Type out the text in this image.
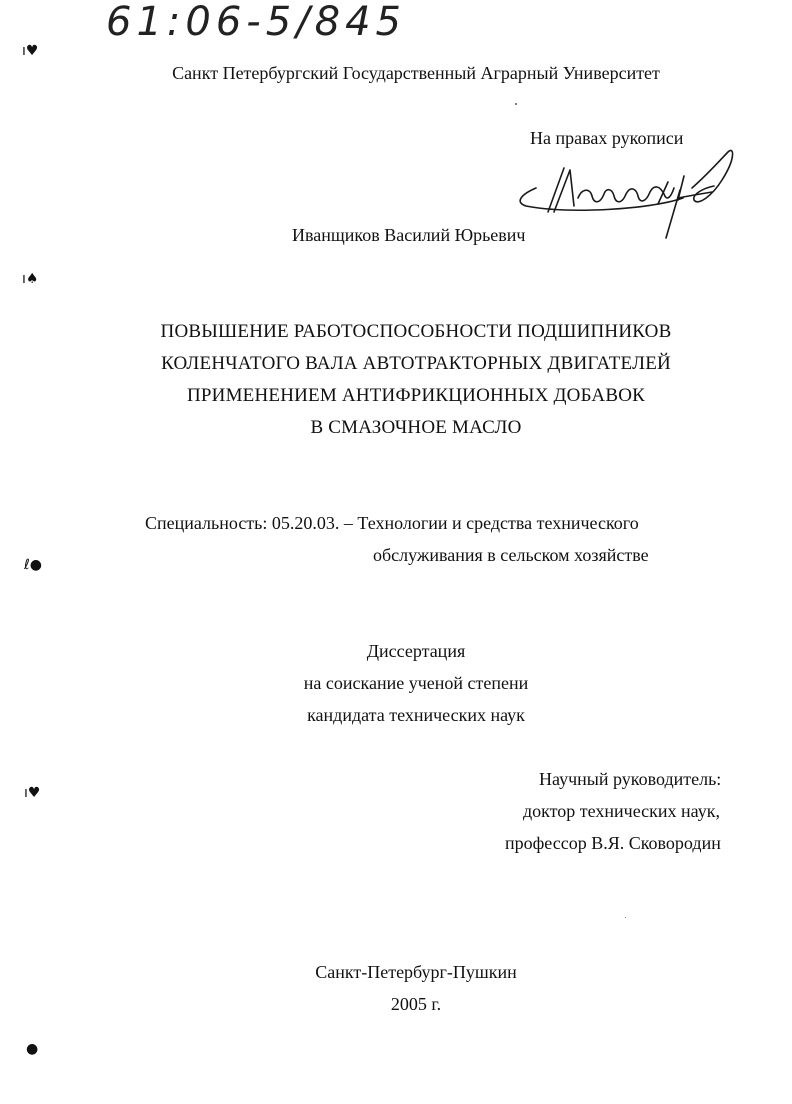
61:06-5/845
ı♥
ı♠
ℓ●
ı♥
●
Санкт Петербургский Государственный Аграрный Университет
На правах рукописи
Иванщиков Василий Юрьевич
ПОВЫШЕНИЕ РАБОТОСПОСОБНОСТИ ПОДШИПНИКОВ
КОЛЕНЧАТОГО ВАЛА АВТОТРАКТОРНЫХ ДВИГАТЕЛЕЙ
ПРИМЕНЕНИЕМ АНТИФРИКЦИОННЫХ ДОБАВОК
В СМАЗОЧНОЕ МАСЛО
Специальность: 05.20.03. – Технологии и средства технического
обслуживания в сельском хозяйстве
Диссертация
на соискание ученой степени
кандидата технических наук
Научный руководитель:
доктор технических наук,
профессор В.Я. Сковородин
Санкт-Петербург-Пушкин
2005 г.
